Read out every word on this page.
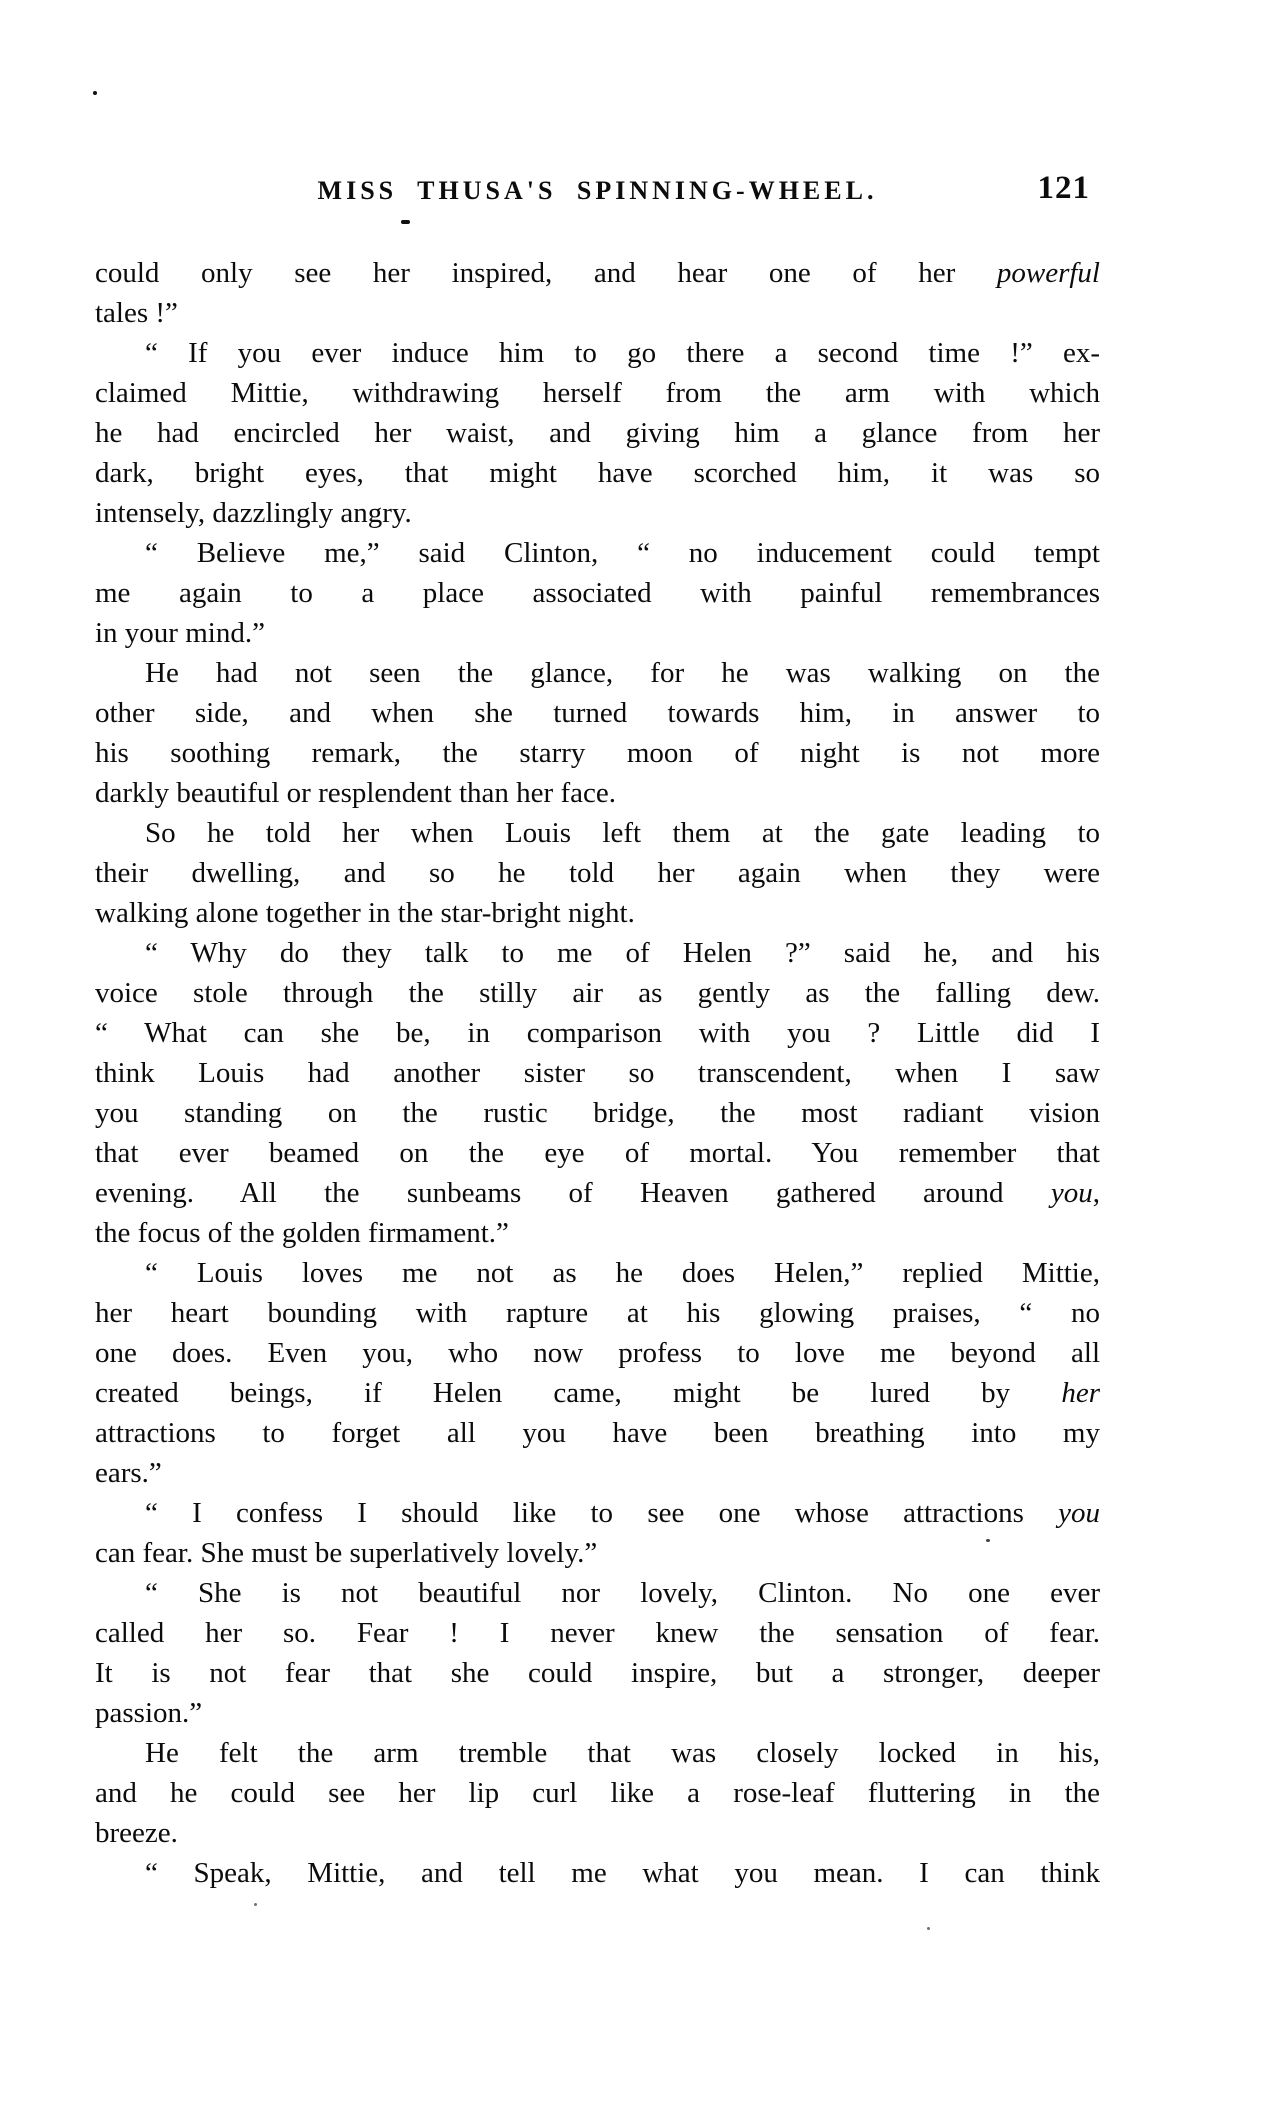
MISS THUSA'S SPINNING-WHEEL.	121
could only see her inspired, and hear one of her powerful
tales !”
“ If you ever induce him to go there a second time !” ex-
claimed Mittie, withdrawing herself from the arm with which
he had encircled her waist, and giving him a glance from her
dark, bright eyes, that might have scorched him, it was so
intensely, dazzlingly angry.
“ Believe me,” said Clinton, “ no inducement could tempt
me again to a place associated with painful remembrances
in your mind.”
He had not seen the glance, for he was walking on the
other side, and when she turned towards him, in answer to
his soothing remark, the starry moon of night is not more
darkly beautiful or resplendent than her face.
So he told her when Louis left them at the gate leading to
their dwelling, and so he told her again when they were
walking alone together in the star-bright night.
“ Why do they talk to me of Helen ?” said he, and his
voice stole through the stilly air as gently as the falling dew.
“ What can she be, in comparison with you ? Little did I
think Louis had another sister so transcendent, when I saw
you standing on the rustic bridge, the most radiant vision
that ever beamed on the eye of mortal. You remember that
evening. All the sunbeams of Heaven gathered around you,
the focus of the golden firmament.”
“ Louis loves me not as he does Helen,” replied Mittie,
her heart bounding with rapture at his glowing praises, “ no
one does. Even you, who now profess to love me beyond all
created beings, if Helen came, might be lured by her
attractions to forget all you have been breathing into my
ears.”
“ I confess I should like to see one whose attractions you
can fear. She must be superlatively lovely.”
“ She is not beautiful nor lovely, Clinton. No one ever
called her so. Fear ! I never knew the sensation of fear.
It is not fear that she could inspire, but a stronger, deeper
passion.”
He felt the arm tremble that was closely locked in his,
and he could see her lip curl like a rose-leaf fluttering in the
breeze.
“ Speak, Mittie, and tell me what you mean. I can think
